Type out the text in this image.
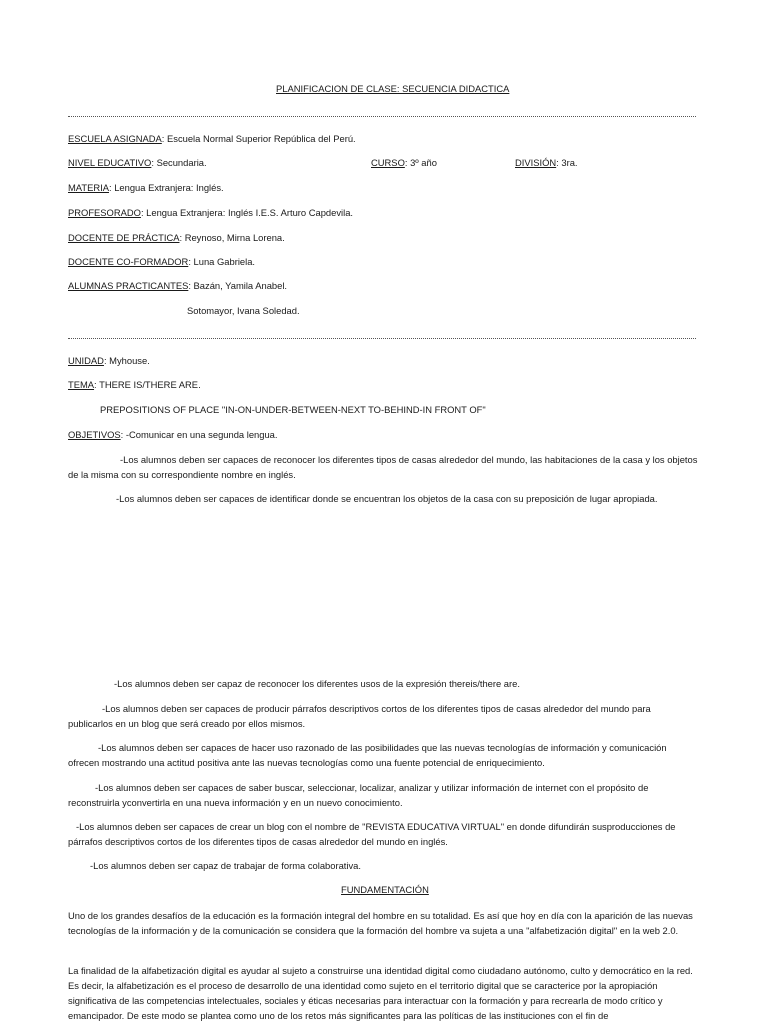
PLANIFICACION DE CLASE: SECUENCIA DIDACTICA
ESCUELA ASIGNADA: Escuela Normal Superior República del Perú.
NIVEL EDUCATIVO: Secundaria.	CURSO: 3º año	DIVISIÓN: 3ra.
MATERIA: Lengua Extranjera: Inglés.
PROFESORADO: Lengua Extranjera: Inglés I.E.S. Arturo Capdevila.
DOCENTE DE PRÁCTICA: Reynoso, Mirna Lorena.
DOCENTE CO-FORMADOR: Luna Gabriela.
ALUMNAS PRACTICANTES: Bazán, Yamila Anabel.
Sotomayor, Ivana Soledad.
UNIDAD: Myhouse.
TEMA: THERE IS/THERE ARE.
PREPOSITIONS OF PLACE "IN-ON-UNDER-BETWEEN-NEXT TO-BEHIND-IN FRONT OF"
OBJETIVOS: -Comunicar en una segunda lengua.
-Los alumnos deben ser capaces de reconocer los diferentes tipos de casas alrededor del mundo, las habitaciones de la casa y los objetos de la misma con su correspondiente nombre en inglés.
-Los alumnos deben ser capaces de identificar donde se encuentran los objetos de la casa con su preposición de lugar apropiada.
-Los alumnos deben ser capaz de reconocer los diferentes usos de la expresión thereis/there are.
-Los alumnos deben ser capaces de producir párrafos descriptivos cortos de los diferentes tipos de casas alrededor del mundo para publicarlos en un blog que será creado por ellos mismos.
-Los alumnos deben ser capaces de hacer uso razonado de las posibilidades que las nuevas tecnologías de información y comunicación ofrecen mostrando una actitud positiva ante las nuevas tecnologías como una fuente potencial de enriquecimiento.
-Los alumnos deben ser capaces de saber buscar, seleccionar, localizar, analizar y utilizar información de internet con el propósito de reconstruirla yconvertirla en una nueva información y en un nuevo conocimiento.
-Los alumnos deben ser capaces de crear un blog con el nombre de "REVISTA EDUCATIVA VIRTUAL" en donde difundirán susproducciones de párrafos descriptivos cortos de los diferentes tipos de casas alrededor del mundo en inglés.
-Los alumnos deben ser capaz de trabajar de forma colaborativa.
FUNDAMENTACIÓN
Uno de los grandes desafíos de la educación es la formación integral del hombre en su totalidad. Es así que hoy en día con la aparición de las nuevas tecnologías de la información y de la comunicación se considera que la formación del hombre va sujeta a una "alfabetización digital" en la web 2.0.
La finalidad de la alfabetización digital es ayudar al sujeto a construirse una identidad digital como ciudadano autónomo, culto y democrático en la red. Es decir, la alfabetización es el proceso de desarrollo de una identidad como sujeto en el territorio digital que se caracterice por la apropiación significativa de las competencias intelectuales, sociales y éticas necesarias para interactuar con la formación y para recrearla de modo crítico y emancipador. De este modo se plantea como uno de los retos más significantes para las políticas de las instituciones con el fin de
